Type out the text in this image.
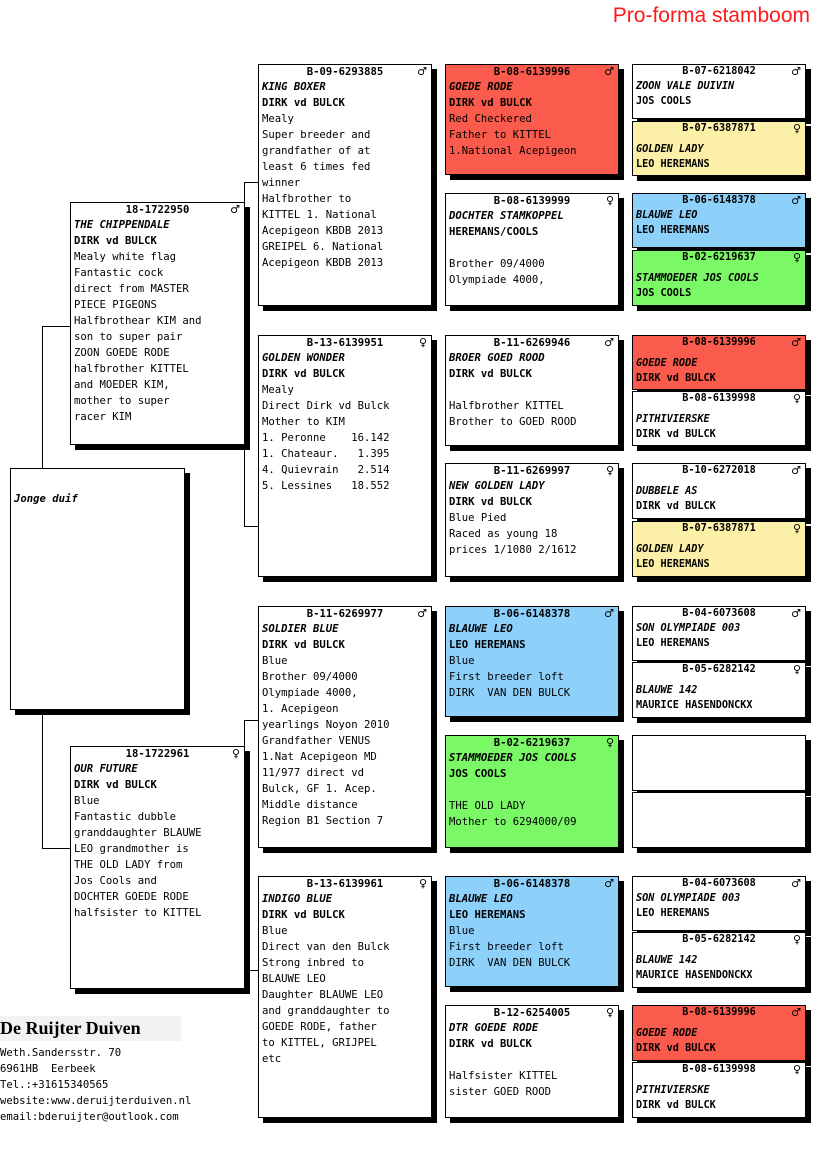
Pro-forma stamboom
Jonge duif
18-1722950	♂
THE CHIPPENDALE
DIRK vd BULCK
Mealy white flag
Fantastic cock
direct from MASTER
PIECE PIGEONS
Halfbrothear KIM and
son to super pair
ZOON GOEDE RODE
halfbrother KITTEL
and MOEDER KIM,
mother to super
racer KIM
18-1722961	♀
OUR FUTURE
DIRK vd BULCK
Blue
Fantastic dubble
granddaughter BLAUWE
LEO grandmother is
THE OLD LADY from
Jos Cools and
DOCHTER GOEDE RODE
halfsister to KITTEL
B-09-6293885	♂
KING BOXER
DIRK vd BULCK
Mealy
Super breeder and
grandfather of at
least 6 times fed
winner
Halfbrother to
KITTEL 1. National
Acepigeon KBDB 2013
GREIPEL 6. National
Acepigeon KBDB 2013
B-13-6139951	♀
GOLDEN WONDER
DIRK vd BULCK
Mealy
Direct Dirk vd Bulck
Mother to KIM
1. Peronne    16.142
1. Chateaur.   1.395
4. Quievrain   2.514
5. Lessines   18.552
B-11-6269977	♂
SOLDIER BLUE
DIRK vd BULCK
Blue
Brother 09/4000
Olympiade 4000,
1. Acepigeon
yearlings Noyon 2010
Grandfather VENUS
1.Nat Acepigeon MD
11/977 direct vd
Bulck, GF 1. Acep.
Middle distance
Region B1 Section 7
B-13-6139961	♀
INDIGO BLUE
DIRK vd BULCK
Blue
Direct van den Bulck
Strong inbred to
BLAUWE LEO
Daughter BLAUWE LEO
and granddaughter to
GOEDE RODE, father
to KITTEL, GRIJPEL
etc
B-08-6139996	♂
GOEDE RODE
DIRK vd BULCK
Red Checkered
Father to KITTEL
1.National Acepigeon
B-08-6139999	♀
DOCHTER STAMKOPPEL
HEREMANS/COOLS

Brother 09/4000
Olympiade 4000,
B-11-6269946	♂
BROER GOED ROOD
DIRK vd BULCK

Halfbrother KITTEL
Brother to GOED ROOD
B-11-6269997	♀
NEW GOLDEN LADY
DIRK vd BULCK
Blue Pied
Raced as young 18
prices 1/1080 2/1612
B-06-6148378	♂
BLAUWE LEO
LEO HEREMANS
Blue
First breeder loft
DIRK  VAN DEN BULCK
B-02-6219637	♀
STAMMOEDER JOS COOLS
JOS COOLS

THE OLD LADY
Mother to 6294000/09
B-06-6148378	♂
BLAUWE LEO
LEO HEREMANS
Blue
First breeder loft
DIRK  VAN DEN BULCK
B-12-6254005	♀
DTR GOEDE RODE
DIRK vd BULCK

Halfsister KITTEL
sister GOED ROOD
B-07-6218042	♂
ZOON VALE DUIVIN
JOS COOLS
B-07-6387871	♀
GOLDEN LADY
LEO HEREMANS
B-06-6148378	♂
BLAUWE LEO
LEO HEREMANS
B-02-6219637	♀
STAMMOEDER JOS COOLS
JOS COOLS
B-08-6139996	♂
GOEDE RODE
DIRK vd BULCK
B-08-6139998	♀
PITHIVIERSKE
DIRK vd BULCK
B-10-6272018	♂
DUBBELE AS
DIRK vd BULCK
B-07-6387871	♀
GOLDEN LADY
LEO HEREMANS
B-04-6073608	♂
SON OLYMPIADE 003
LEO HEREMANS
B-05-6282142	♀
BLAUWE 142
MAURICE HASENDONCKX

B-04-6073608	♂
SON OLYMPIADE 003
LEO HEREMANS
B-05-6282142	♀
BLAUWE 142
MAURICE HASENDONCKX
B-08-6139996	♂
GOEDE RODE
DIRK vd BULCK
B-08-6139998	♀
PITHIVIERSKE
DIRK vd BULCK
De Ruijter Duiven
Weth.Sandersstr. 70
6961HB  Eerbeek
Tel.:+31615340565
website:www.deruijterduiven.nl
email:bderuijter@outlook.com
